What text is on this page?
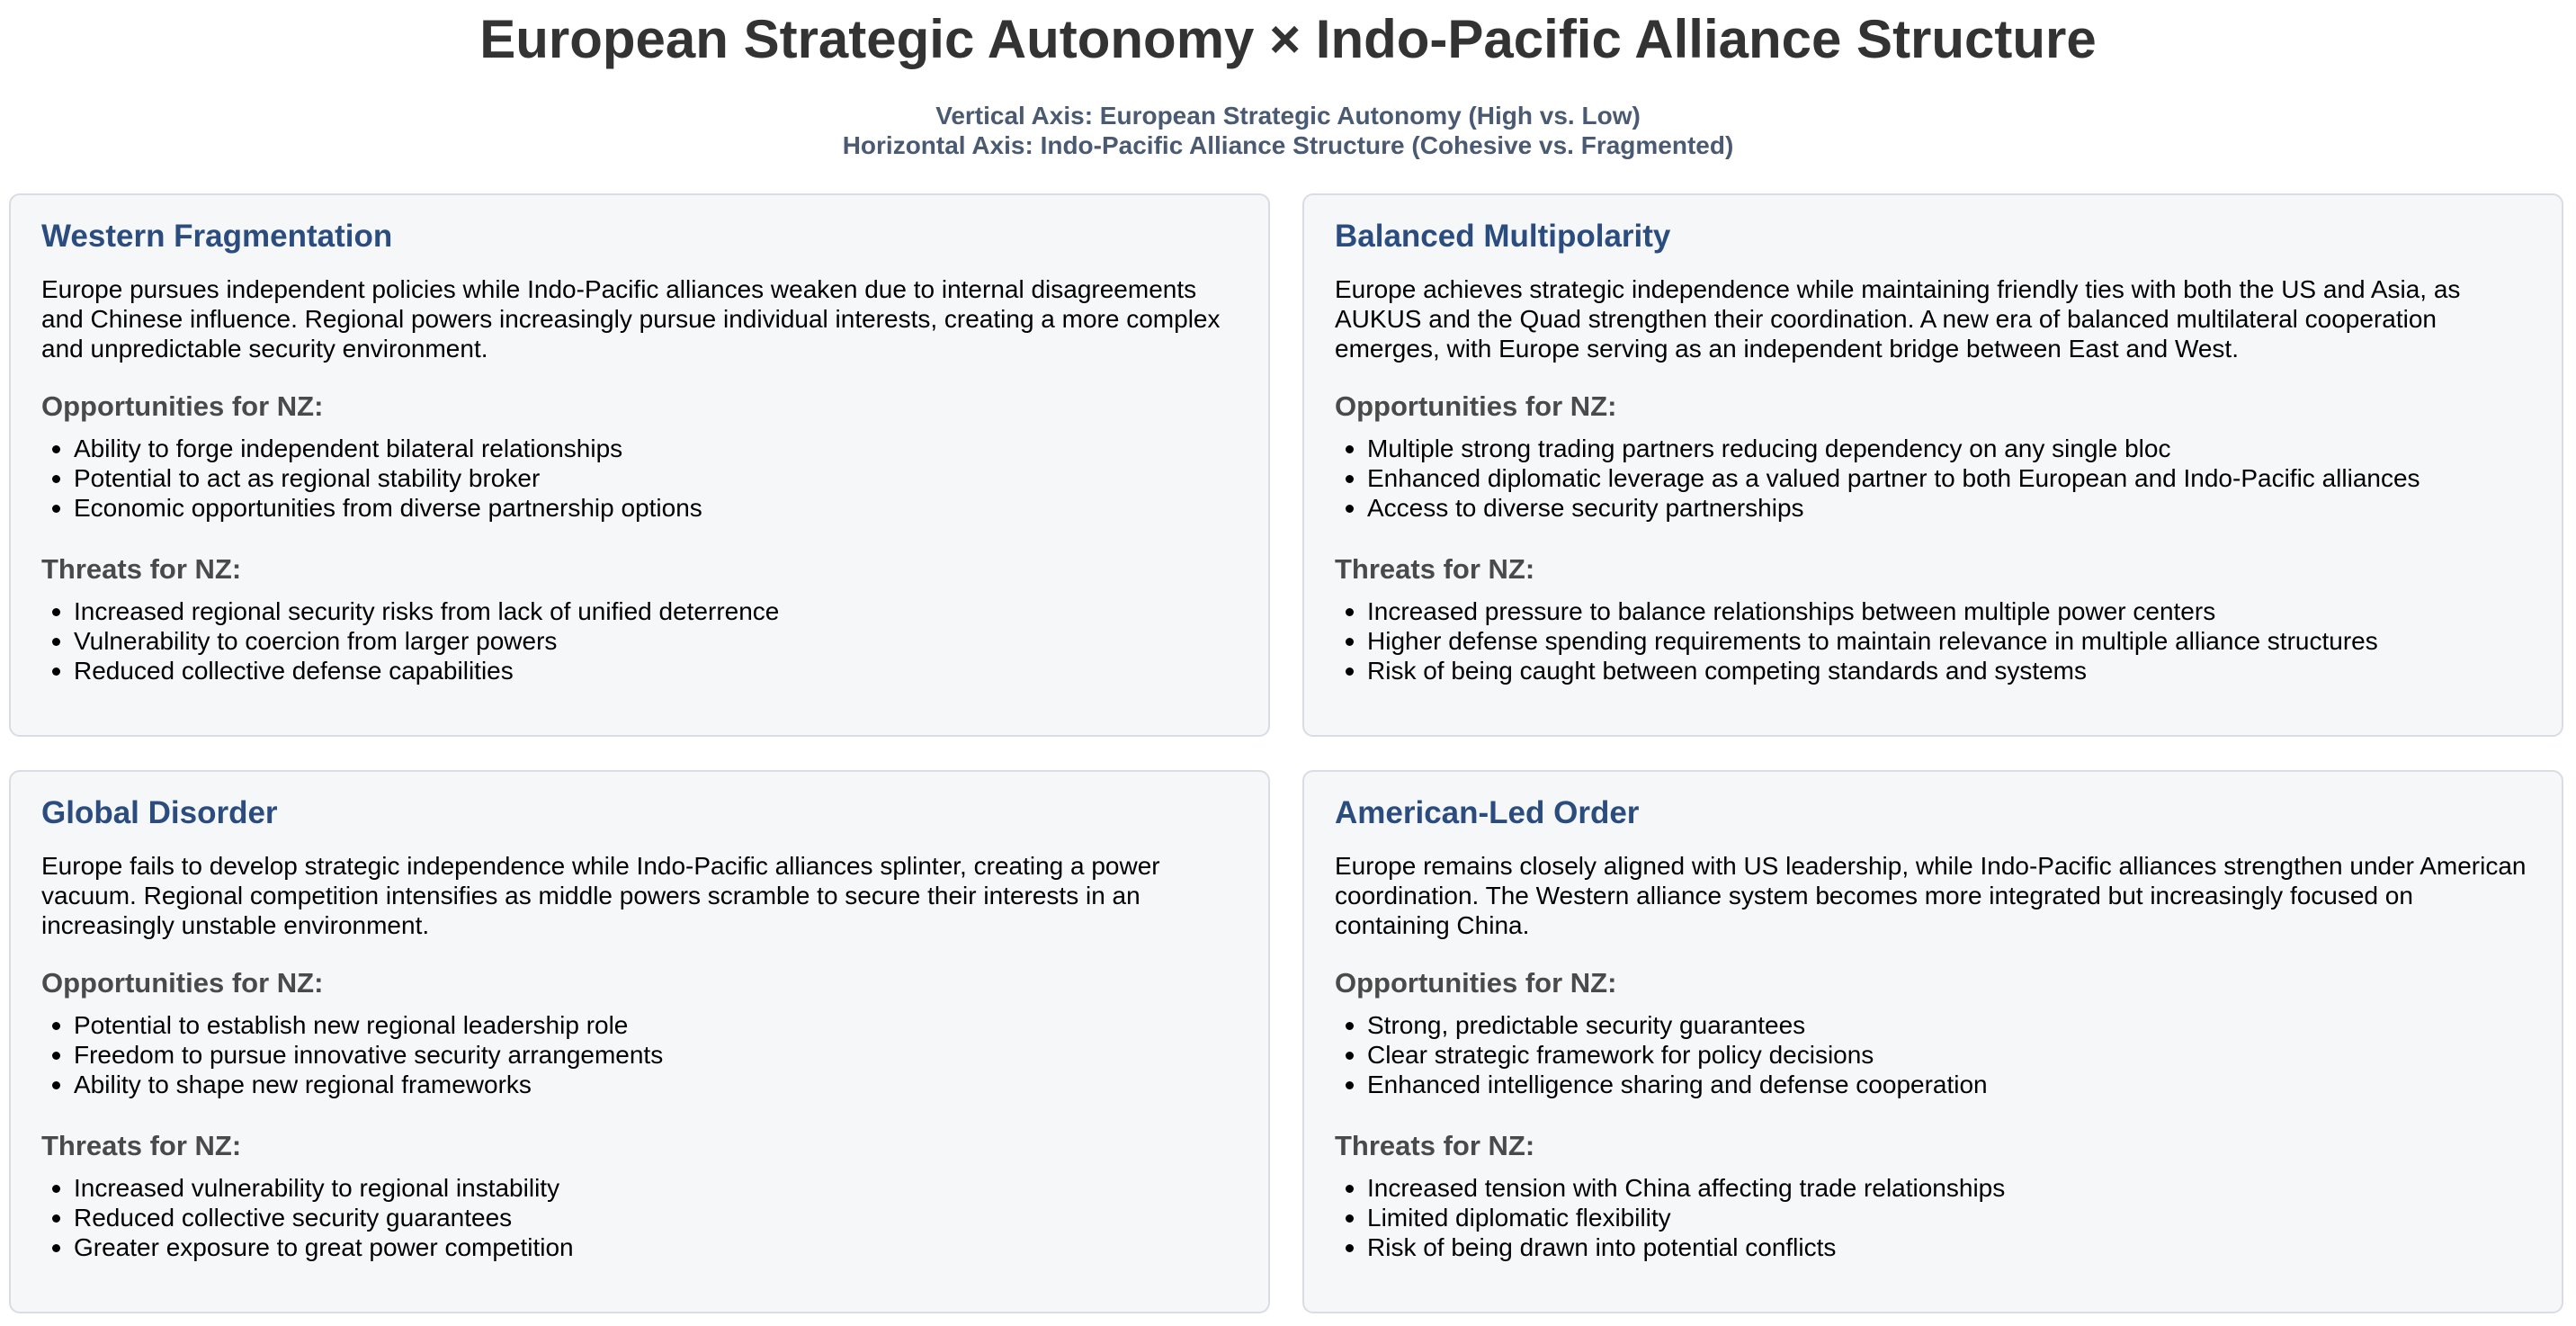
European Strategic Autonomy × Indo-Pacific Alliance Structure
Vertical Axis: European Strategic Autonomy (High vs. Low)
Horizontal Axis: Indo-Pacific Alliance Structure (Cohesive vs. Fragmented)
Western Fragmentation

Europe pursues independent policies while Indo-Pacific alliances weaken due to internal disagreements and Chinese influence. Regional powers increasingly pursue individual interests, creating a more complex and unpredictable security environment.

Opportunities for NZ:
Ability to forge independent bilateral relationships
Potential to act as regional stability broker
Economic opportunities from diverse partnership options
Threats for NZ:
Increased regional security risks from lack of unified deterrence
Vulnerability to coercion from larger powers
Reduced collective defense capabilities
Balanced Multipolarity

Europe achieves strategic independence while maintaining friendly ties with both the US and Asia, as AUKUS and the Quad strengthen their coordination. A new era of balanced multilateral cooperation emerges, with Europe serving as an independent bridge between East and West.

Opportunities for NZ:
Multiple strong trading partners reducing dependency on any single bloc
Enhanced diplomatic leverage as a valued partner to both European and Indo-Pacific alliances
Access to diverse security partnerships
Threats for NZ:
Increased pressure to balance relationships between multiple power centers
Higher defense spending requirements to maintain relevance in multiple alliance structures
Risk of being caught between competing standards and systems
Global Disorder

Europe fails to develop strategic independence while Indo-Pacific alliances splinter, creating a power vacuum. Regional competition intensifies as middle powers scramble to secure their interests in an increasingly unstable environment.

Opportunities for NZ:
Potential to establish new regional leadership role
Freedom to pursue innovative security arrangements
Ability to shape new regional frameworks
Threats for NZ:
Increased vulnerability to regional instability
Reduced collective security guarantees
Greater exposure to great power competition
American-Led Order

Europe remains closely aligned with US leadership, while Indo-Pacific alliances strengthen under American coordination. The Western alliance system becomes more integrated but increasingly focused on containing China.

Opportunities for NZ:
Strong, predictable security guarantees
Clear strategic framework for policy decisions
Enhanced intelligence sharing and defense cooperation
Threats for NZ:
Increased tension with China affecting trade relationships
Limited diplomatic flexibility
Risk of being drawn into potential conflicts
